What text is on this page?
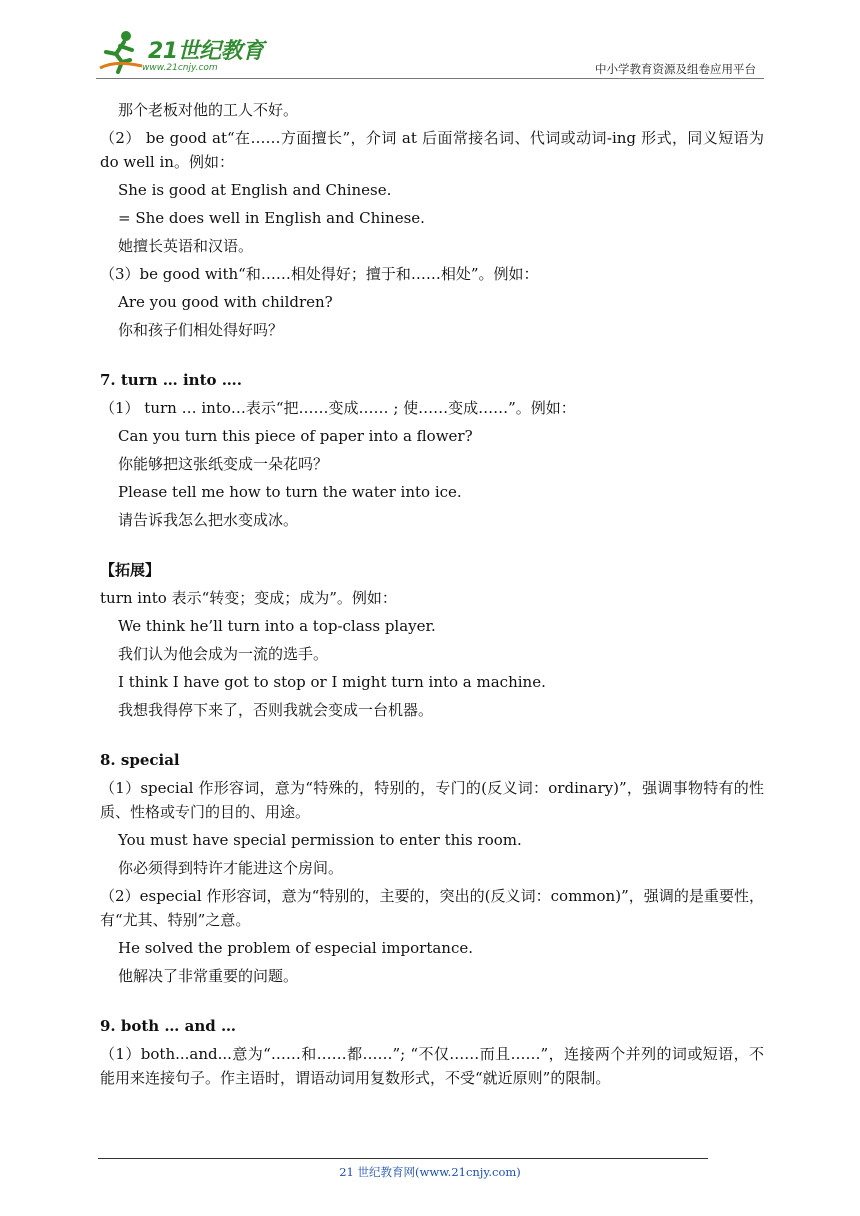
21世纪教育
www.21cnjy.com	中小学教育资源及组卷应用平台
那个老板对他的工人不好。
（2） be good at“在……方面擅长”，介词 at 后面常接名词、代词或动词-ing 形式，同义短语为 do well in。例如：
She is good at English and Chinese.
= She does well in English and Chinese.
她擅长英语和汉语。
（3）be good with“和……相处得好；擅于和……相处”。例如：
Are you good with children?
你和孩子们相处得好吗？
7. turn … into ….
（1） turn … into…表示“把……变成…… ; 使……变成……”。例如：
Can you turn this piece of paper into a flower?
你能够把这张纸变成一朵花吗？
Please tell me how to turn the water into ice.
请告诉我怎么把水变成冰。
【拓展】
turn into 表示“转变；变成；成为”。例如：
We think he’ll turn into a top-class player.
我们认为他会成为一流的选手。
I think I have got to stop or I might turn into a machine.
我想我得停下来了，否则我就会变成一台机器。
8. special
（1）special 作形容词，意为“特殊的，特别的，专门的(反义词：ordinary)”，强调事物特有的性质、性格或专门的目的、用途。
You must have special permission to enter this room.
你必须得到特许才能进这个房间。
（2）especial 作形容词，意为“特别的，主要的，突出的(反义词：common)”，强调的是重要性，有“尤其、特别”之意。
He solved the problem of especial importance.
他解决了非常重要的问题。
9. both … and …
（1）both...and...意为“……和……都……”; “不仅……而且……”，连接两个并列的词或短语，不能用来连接句子。作主语时，谓语动词用复数形式，不受“就近原则”的限制。
21 世纪教育网(www.21cnjy.com)
